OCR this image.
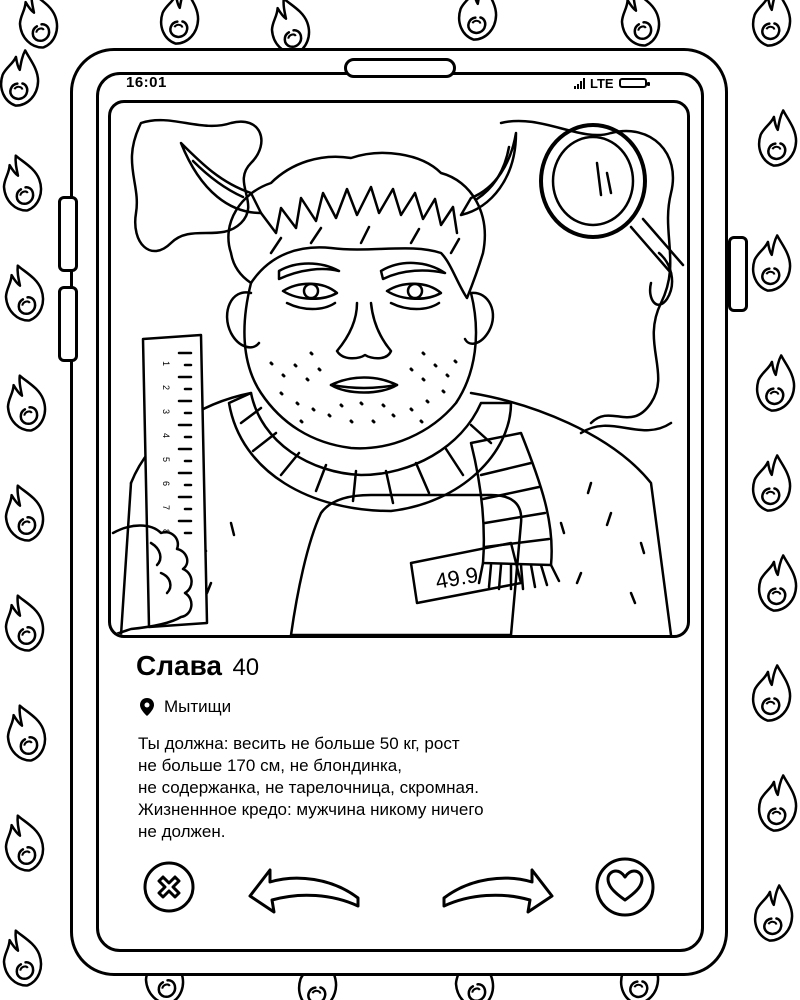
16:01	LTE
49.9
1
2
3
4
5
6
7
8
Слава 40
Мытищи

Ты должна: весить не больше 50 кг, рост
не больше 170 см, не блондинка,
не содержанка, не тарелочница, скромная.
Жизненнное кредо: мужчина никому ничего
не должен.
